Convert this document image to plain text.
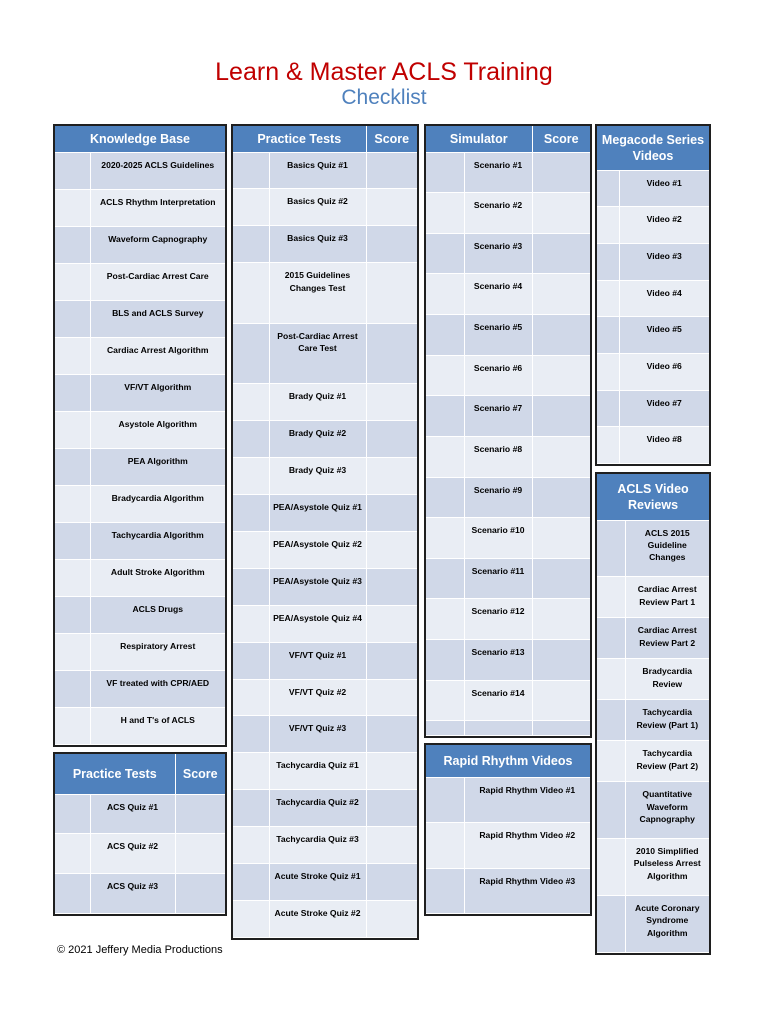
Learn & Master ACLS Training
Checklist
Knowledge Base	
	2020-2025 ACLS Guidelines
	ACLS Rhythm Interpretation
	Waveform Capnography
	Post-Cardiac Arrest Care
	BLS and ACLS Survey
	Cardiac Arrest Algorithm
	VF/VT Algorithm
	Asystole Algorithm
	PEA Algorithm
	Bradycardia Algorithm
	Tachycardia Algorithm
	Adult Stroke Algorithm
	ACLS Drugs
	Respiratory Arrest
	VF treated with CPR/AED
	H and T's of ACLS
Practice Tests		Score
	ACS Quiz #1	
	ACS Quiz #2	
	ACS Quiz #3	
Practice Tests		Score
	Basics Quiz #1	
	Basics Quiz #2	
	Basics Quiz #3	
	2015 Guidelines Changes Test	
	Post-Cardiac Arrest Care Test	
	Brady Quiz #1	
	Brady Quiz #2	
	Brady Quiz #3	
	PEA/Asystole Quiz #1	
	PEA/Asystole Quiz #2	
	PEA/Asystole Quiz #3	
	PEA/Asystole Quiz #4	
	VF/VT Quiz #1	
	VF/VT Quiz #2	
	VF/VT Quiz #3	
	Tachycardia Quiz #1	
	Tachycardia Quiz #2	
	Tachycardia Quiz #3	
	Acute Stroke Quiz #1	
	Acute Stroke Quiz #2	
Simulator		Score
	Scenario #1	
	Scenario #2	
	Scenario #3	
	Scenario #4	
	Scenario #5	
	Scenario #6	
	Scenario #7	
	Scenario #8	
	Scenario #9	
	Scenario #10	
	Scenario #11	
	Scenario #12	
	Scenario #13	
	Scenario #14	

Rapid Rhythm Videos	
	Rapid Rhythm Video #1
	Rapid Rhythm Video #2
	Rapid Rhythm Video #3
Megacode Series Videos	
	Video #1
	Video #2
	Video #3
	Video #4
	Video #5
	Video #6
	Video #7
	Video #8
ACLS Video Reviews	
	ACLS 2015 Guideline Changes
	Cardiac Arrest Review Part 1
	Cardiac Arrest Review Part 2
	Bradycardia Review
	Tachycardia Review (Part 1)
	Tachycardia Review (Part 2)
	Quantitative Waveform Capnography
	2010 Simplified Pulseless Arrest Algorithm
	Acute Coronary Syndrome Algorithm
© 2021 Jeffery Media Productions
